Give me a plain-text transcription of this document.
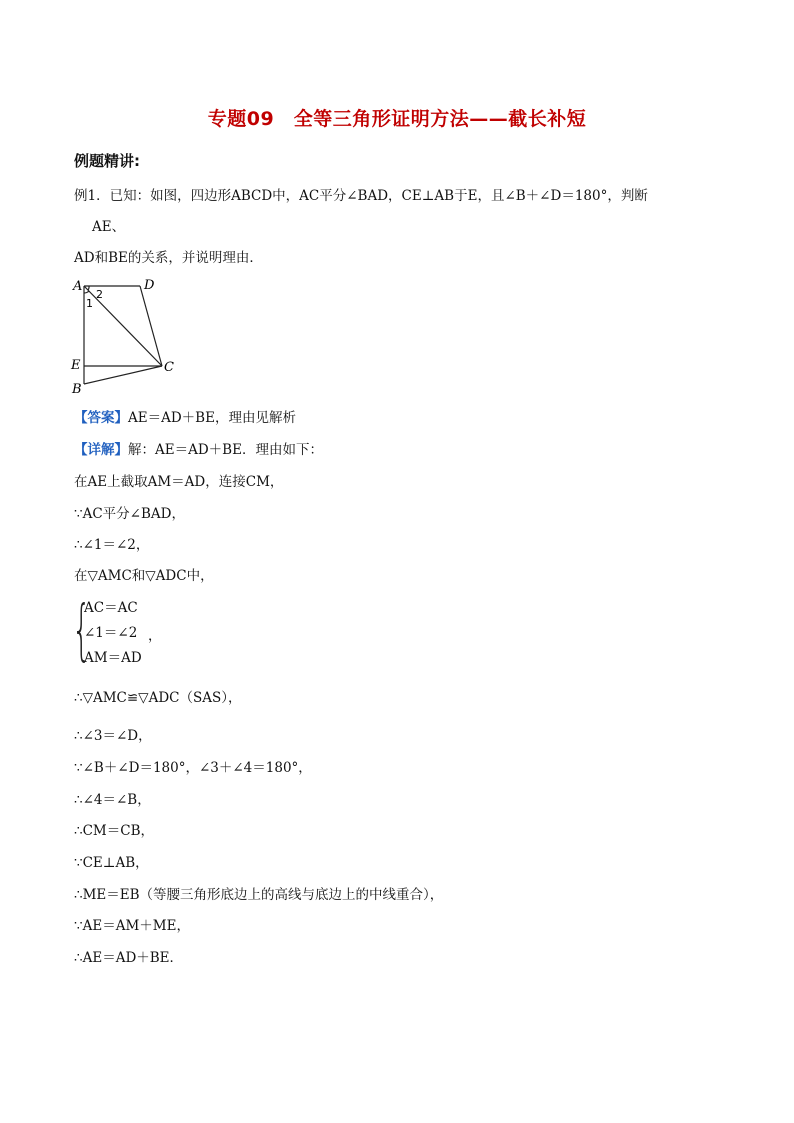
专题09　全等三角形证明方法——截长补短
例题精讲:
例1．已知：如图，四边形ABCD中，AC平分∠BAD，CE⊥AB于E，且∠B＋∠D＝180°，判断
AE、
AD和BE的关系，并说明理由．
A	D
E
B
C
1
2
【答案】AE＝AD＋BE，理由见解析
【详解】解：AE＝AD＋BE．理由如下：
在AE上截取AM＝AD，连接CM，
∵AC平分∠BAD，
∴∠1＝∠2，
在▽AMC和▽ADC中，
{
AC＝AC
∠1＝∠2
AM＝AD
，
∴▽AMC≌▽ADC（SAS），
∴∠3＝∠D，
∵∠B＋∠D＝180°，∠3＋∠4＝180°，
∴∠4＝∠B，
∴CM＝CB，
∵CE⊥AB，
∴ME＝EB（等腰三角形底边上的高线与底边上的中线重合），
∵AE＝AM＋ME，
∴AE＝AD＋BE．
